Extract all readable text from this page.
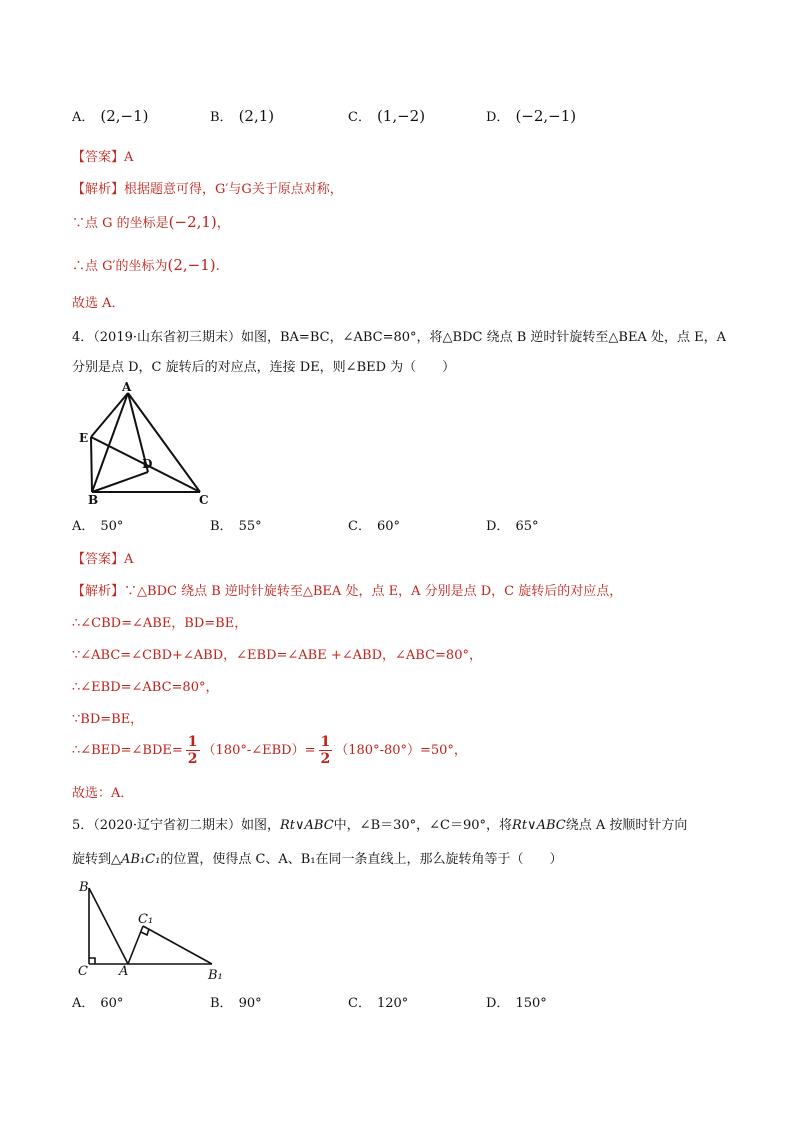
A． (2,−1)	B． (2,1)	C． (1,−2)	D． (−2,−1)
【答案】A
【解析】根据题意可得，G′与G关于原点对称，
∵点 G 的坐标是(−2,1)，
∴点 G′的坐标为(2,−1).
故选 A．
4．（2019·山东省初三期末）如图，BA=BC，∠ABC=80°，将△BDC 绕点 B 逆时针旋转至△BEA 处，点 E，A
分别是点 D，C 旋转后的对应点，连接 DE，则∠BED 为（　　）
A
E
D
B	C
A． 50°	B． 55°	C． 60°	D． 65°
【答案】A
【解析】∵△BDC 绕点 B 逆时针旋转至△BEA 处，点 E，A 分别是点 D，C 旋转后的对应点，
∴∠CBD=∠ABE，BD=BE，
∵∠ABC=∠CBD+∠ABD，∠EBD=∠ABE +∠ABD，∠ABC=80°，
∴∠EBD=∠ABC=80°，
∵BD=BE，
∴∠BED=∠BDE= $\frac{1}{2}$ （180°-∠EBD）= $\frac{1}{2} (180^\circ-80^\circ)=50^\circ$，
故选：A．
5．（2020·辽宁省初二期末）如图，Rt∨ABC中，∠B＝30°，∠C＝90°，将Rt∨ABC绕点 A 按顺时针方向
旋转到△AB₁C₁的位置，使得点 C、A、B₁在同一条直线上，那么旋转角等于（　　）
B
C A
C₁
B₁
A． 60°	B． 90°	C． 120°	D． 150°
